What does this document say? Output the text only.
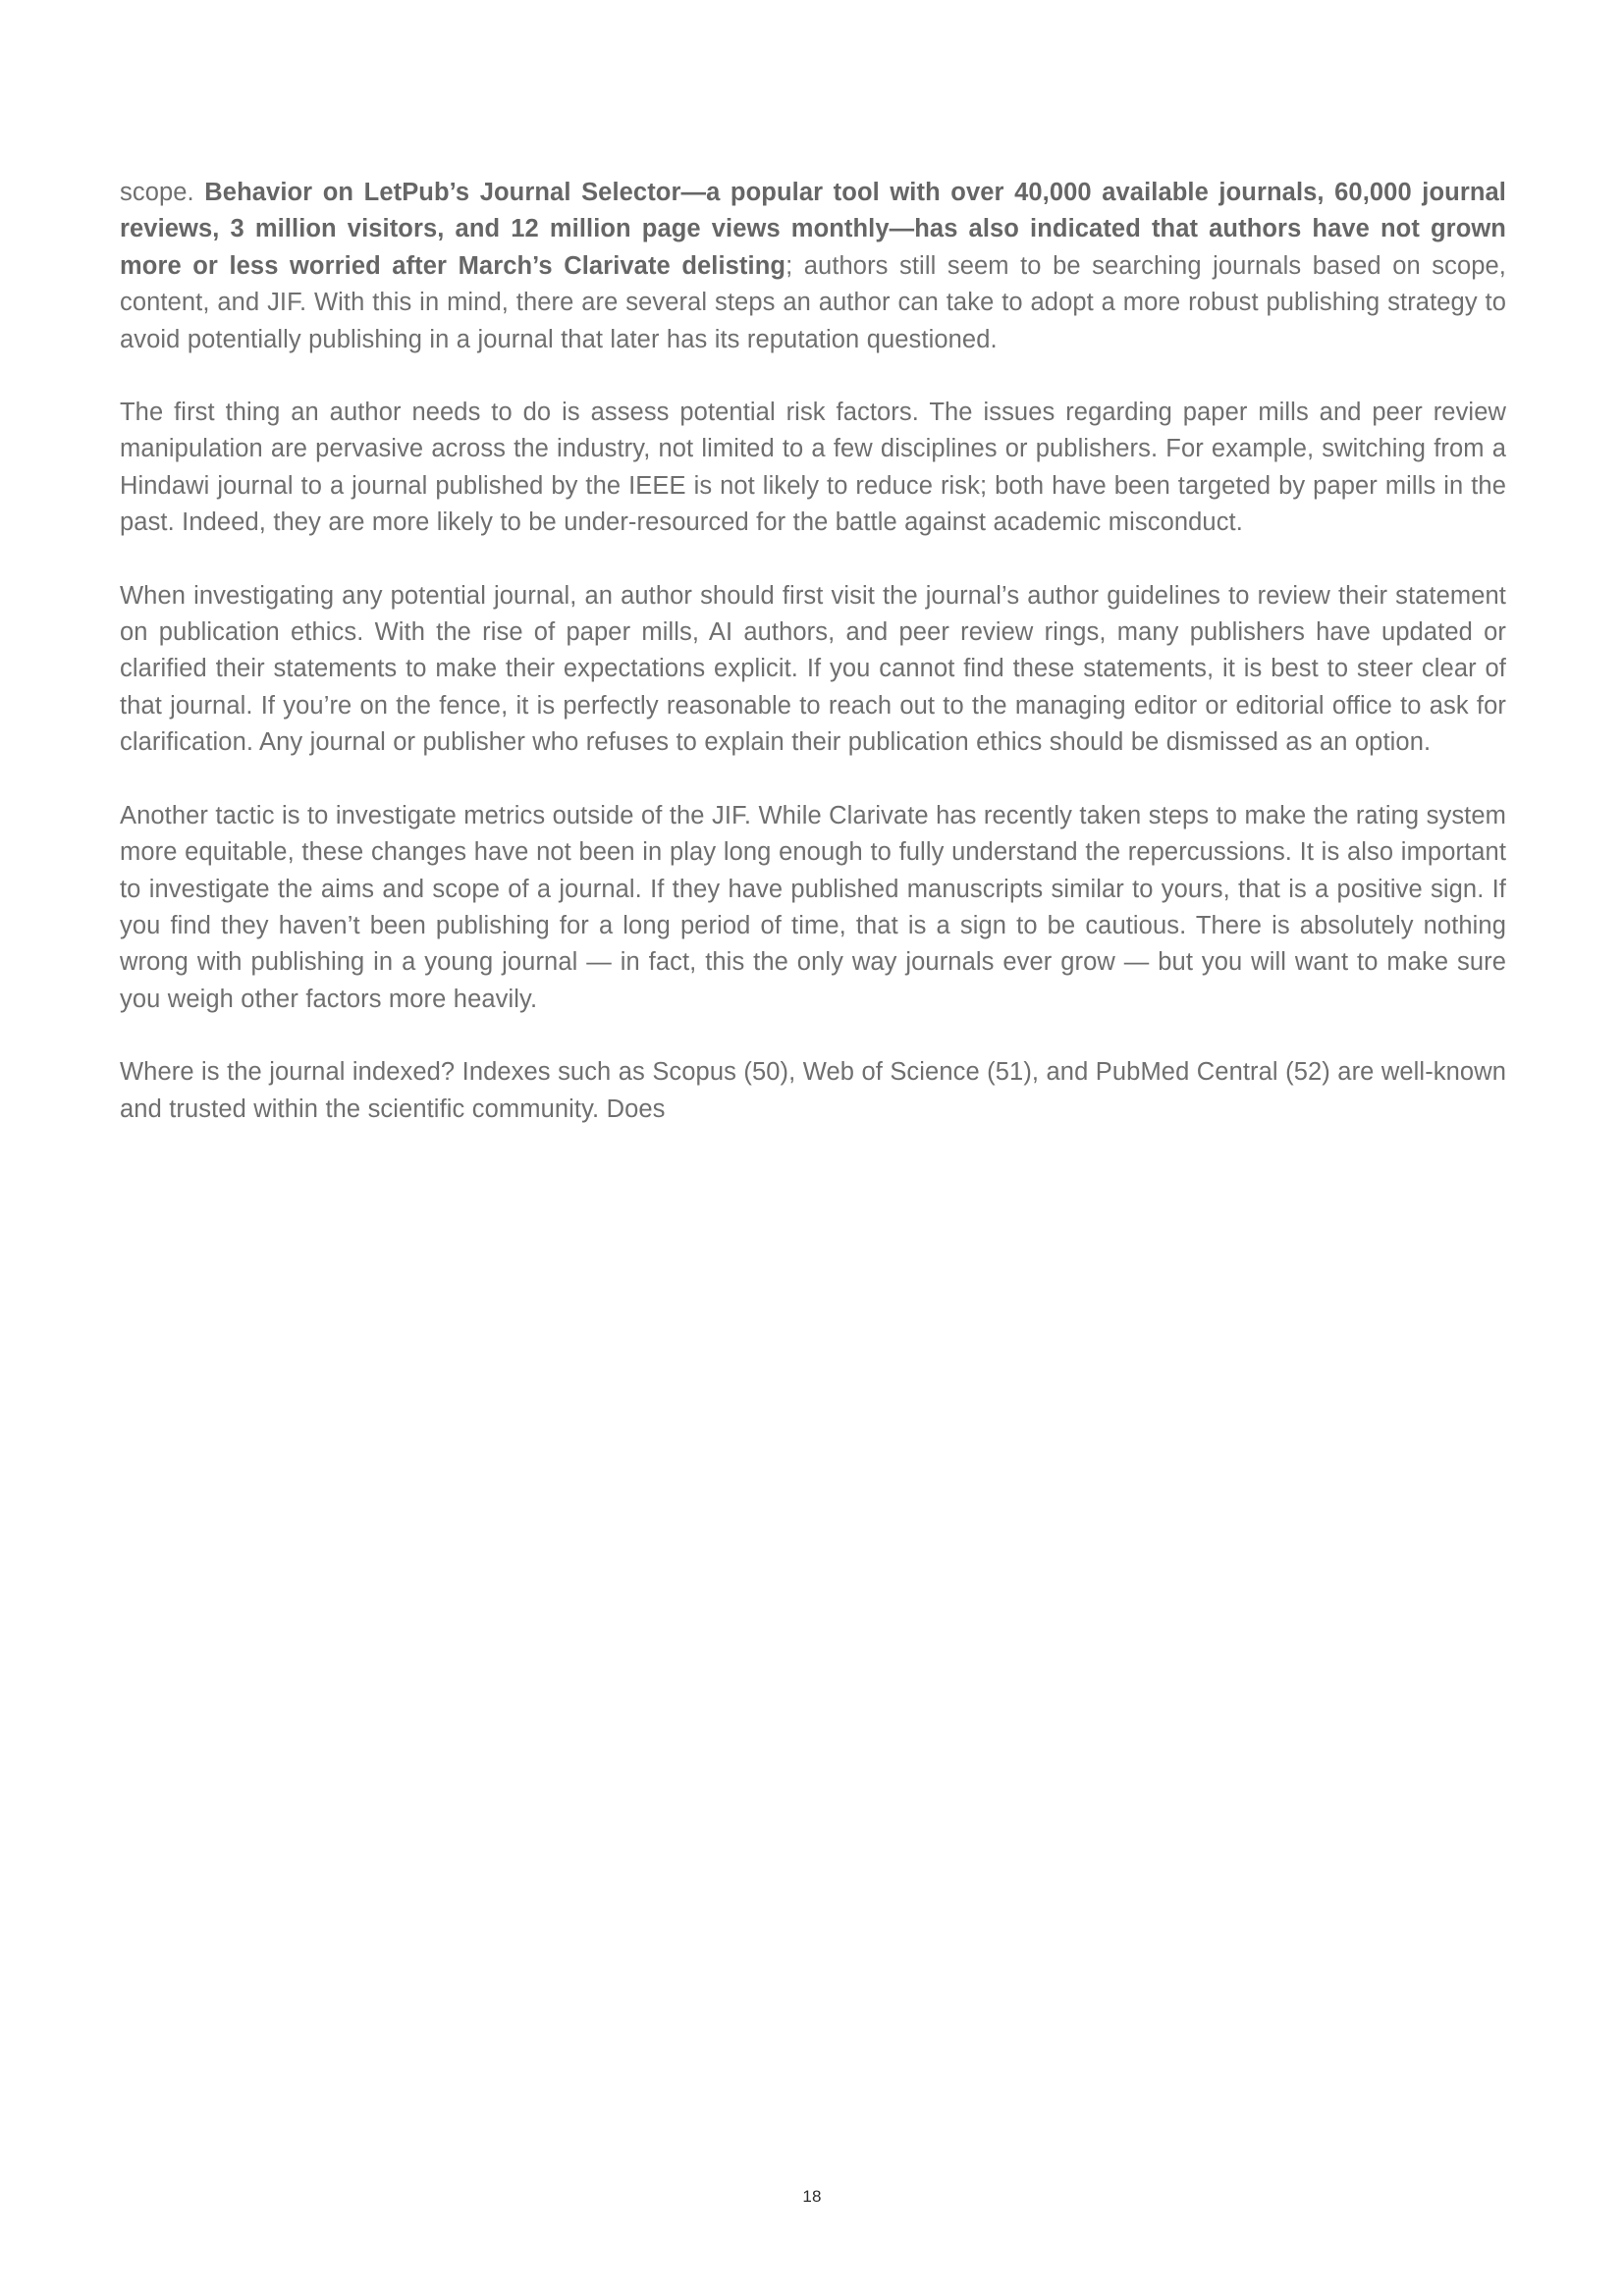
scope. Behavior on LetPub’s Journal Selector—a popular tool with over 40,000 available journals, 60,000 journal reviews, 3 million visitors, and 12 million page views monthly—has also indicated that authors have not grown more or less worried after March’s Clarivate delisting; authors still seem to be searching journals based on scope, content, and JIF. With this in mind, there are several steps an author can take to adopt a more robust publishing strategy to avoid potentially publishing in a journal that later has its reputation questioned.

The first thing an author needs to do is assess potential risk factors. The issues regarding paper mills and peer review manipulation are pervasive across the industry, not limited to a few disciplines or publishers. For example, switching from a Hindawi journal to a journal published by the IEEE is not likely to reduce risk; both have been targeted by paper mills in the past. Indeed, they are more likely to be under-resourced for the battle against academic misconduct.

When investigating any potential journal, an author should first visit the journal’s author guidelines to review their statement on publication ethics. With the rise of paper mills, AI authors, and peer review rings, many publishers have updated or clarified their statements to make their expectations explicit. If you cannot find these statements, it is best to steer clear of that journal. If you’re on the fence, it is perfectly reasonable to reach out to the managing editor or editorial office to ask for clarification. Any journal or publisher who refuses to explain their publication ethics should be dismissed as an option.

Another tactic is to investigate metrics outside of the JIF. While Clarivate has recently taken steps to make the rating system more equitable, these changes have not been in play long enough to fully understand the repercussions. It is also important to investigate the aims and scope of a journal. If they have published manuscripts similar to yours, that is a positive sign. If you find they haven’t been publishing for a long period of time, that is a sign to be cautious. There is absolutely nothing wrong with publishing in a young journal — in fact, this the only way journals ever grow — but you will want to make sure you weigh other factors more heavily.

Where is the journal indexed? Indexes such as Scopus (50), Web of Science (51), and PubMed Central (52) are well-known and trusted within the scientific community. Does

18
